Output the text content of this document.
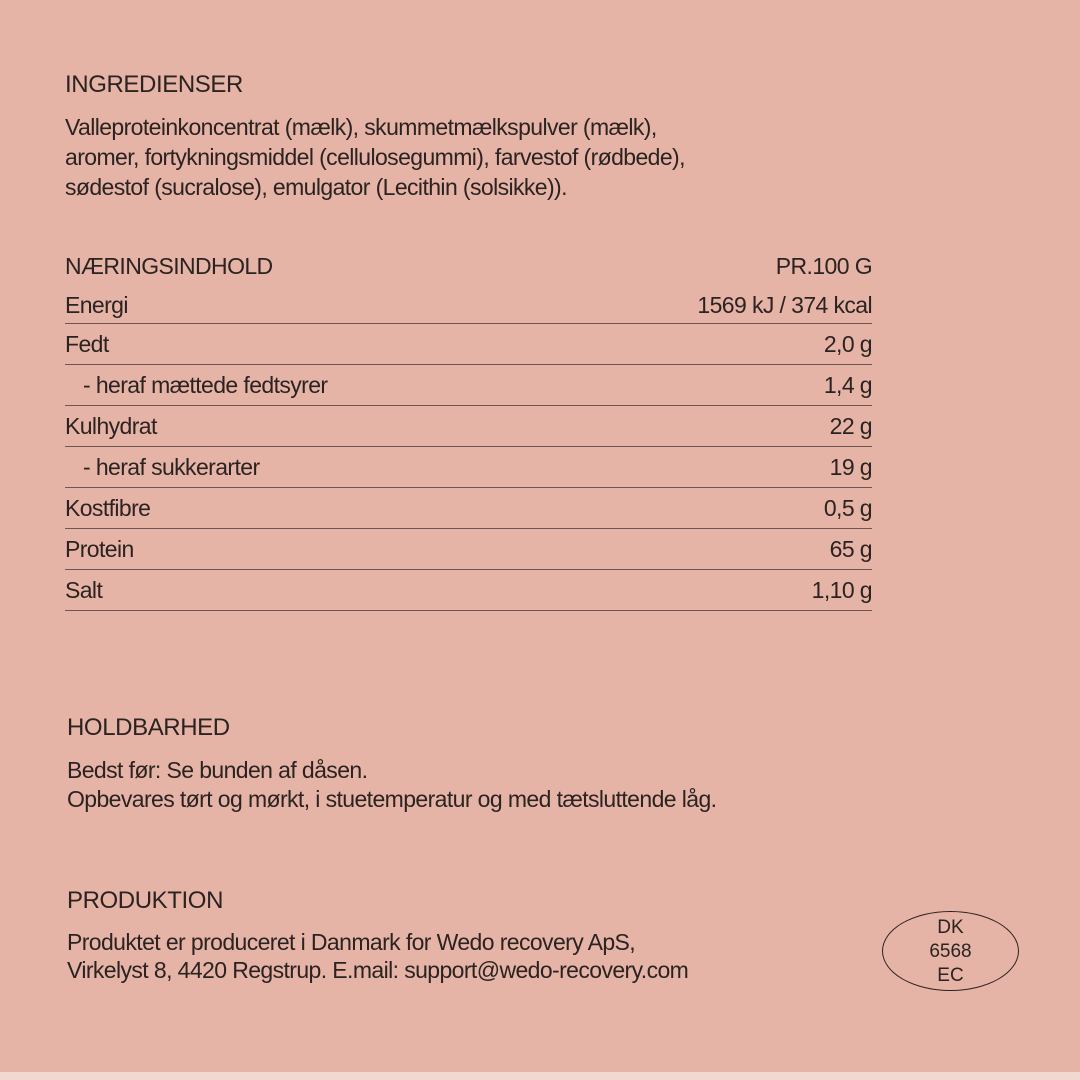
INGREDIENSER
Valleproteinkoncentrat (mælk), skummetmælkspulver (mælk),
aromer, fortykningsmiddel (cellulosegummi), farvestof (rødbede),
sødestof (sucralose), emulgator (Lecithin (solsikke)).
NÆRINGSINDHOLD	PR.100 G
Energi	1569 kJ / 374 kcal
Fedt	2,0 g
- heraf mættede fedtsyrer	1,4 g
Kulhydrat	22 g
- heraf sukkerarter	19 g
Kostfibre	0,5 g
Protein	65 g
Salt	1,10 g
HOLDBARHED
Bedst før: Se bunden af dåsen.
Opbevares tørt og mørkt, i stuetemperatur og med tætsluttende låg.
PRODUKTION
Produktet er produceret i Danmark for Wedo recovery ApS,
Virkelyst 8, 4420 Regstrup. E.mail: support@wedo-recovery.com
DK
6568
EC
